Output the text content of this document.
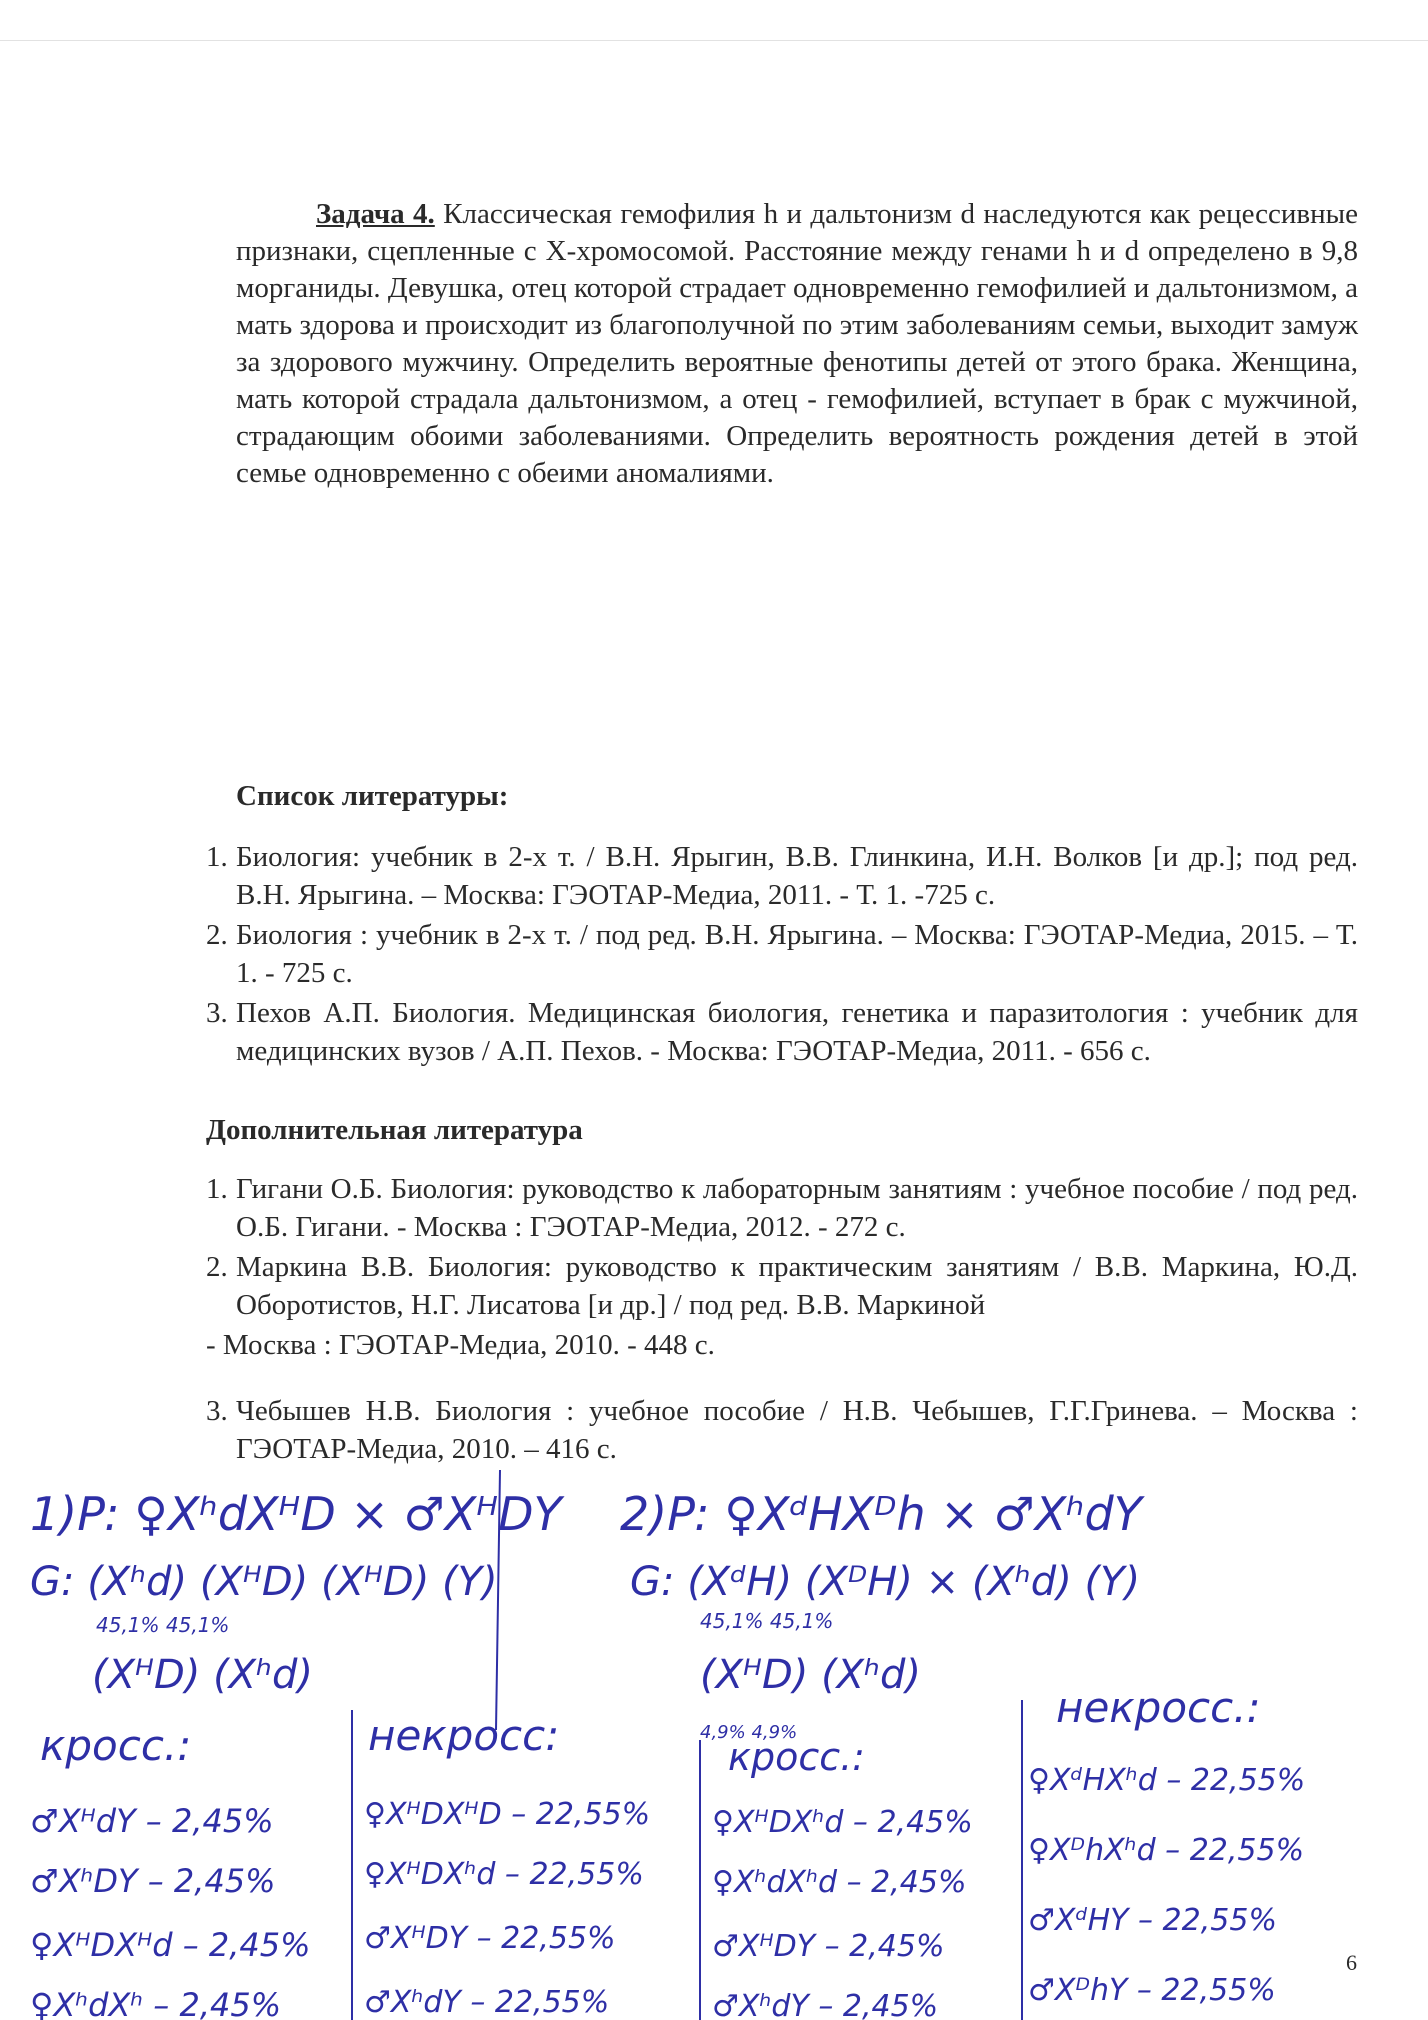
Задача 4. Классическая гемофилия h и дальтонизм d наследуются как рецессивные признаки, сцепленные с Х-хромосомой. Расстояние между генами h и d определено в 9,8 морганиды. Девушка, отец которой страдает одновременно гемофилией и дальтонизмом, а мать здорова и происходит из благополучной по этим заболеваниям семьи, выходит замуж за здорового мужчину. Определить вероятные фенотипы детей от этого брака. Женщина, мать которой страдала дальтонизмом, а отец - гемофилией, вступает в брак с мужчиной, страдающим обоими заболеваниями. Определить вероятность рождения детей в этой семье одновременно с обеими аномалиями.
Список литературы:
1. Биология: учебник в 2-х т. / В.Н. Ярыгин, В.В. Глинкина, И.Н. Волков [и др.]; под ред. В.Н. Ярыгина. – Москва: ГЭОТАР-Медиа, 2011. - Т. 1. -725 с.
2. Биология : учебник в 2-х т. / под ред. В.Н. Ярыгина. – Москва: ГЭОТАР-Медиа, 2015. – Т. 1. - 725 с.
3. Пехов А.П. Биология. Медицинская биология, генетика и паразитология : учебник для медицинских вузов / А.П. Пехов. - Москва: ГЭОТАР-Медиа, 2011. - 656 с.
Дополнительная литература
1. Гигани О.Б. Биология: руководство к лабораторным занятиям : учебное пособие / под ред. О.Б. Гигани. - Москва : ГЭОТАР-Медиа, 2012. - 272 с.
2. Маркина В.В. Биология: руководство к практическим занятиям / В.В. Маркина, Ю.Д. Оборотистов, Н.Г. Лисатова [и др.] / под ред. В.В. Маркиной
- Москва : ГЭОТАР-Медиа, 2010. - 448 с.
3. Чебышев Н.В. Биология : учебное пособие / Н.В. Чебышев, Г.Г.Гринева. – Москва : ГЭОТАР-Медиа, 2010. – 416 с.
1)P: ♀XʰdXᴴD × ♂XᴴDY
G: (Xʰd) (XᴴD) (XᴴD) (Y)
45,1% 45,1%
(XᴴD) (Xʰd)
2)P: ♀XᵈHXᴰh × ♂XʰdY
G: (XᵈH) (XᴰH) × (Xʰd) (Y)
45,1% 45,1%
(XᴴD) (Xʰd)
4,9% 4,9%
кросс.:	некросс:	кросс.:
некросс.:
♂XᴴdY – 2,45%
♂XʰDY – 2,45%
♀XᴴDXᴴd – 2,45%
♀XʰdXʰ – 2,45%
♀XᴴDXᴴD – 22,55%
♀XᴴDXʰd – 22,55%
♂XᴴDY – 22,55%
♂XʰdY – 22,55%
♀XᴴDXʰd – 2,45%
♀XʰdXʰd – 2,45%
♂XᴴDY – 2,45%
♂XʰdY – 2,45%
♀XᵈHXʰd – 22,55%
♀XᴰhXʰd – 22,55%
♂XᵈHY – 22,55%
♂XᴰhY – 22,55%
6
